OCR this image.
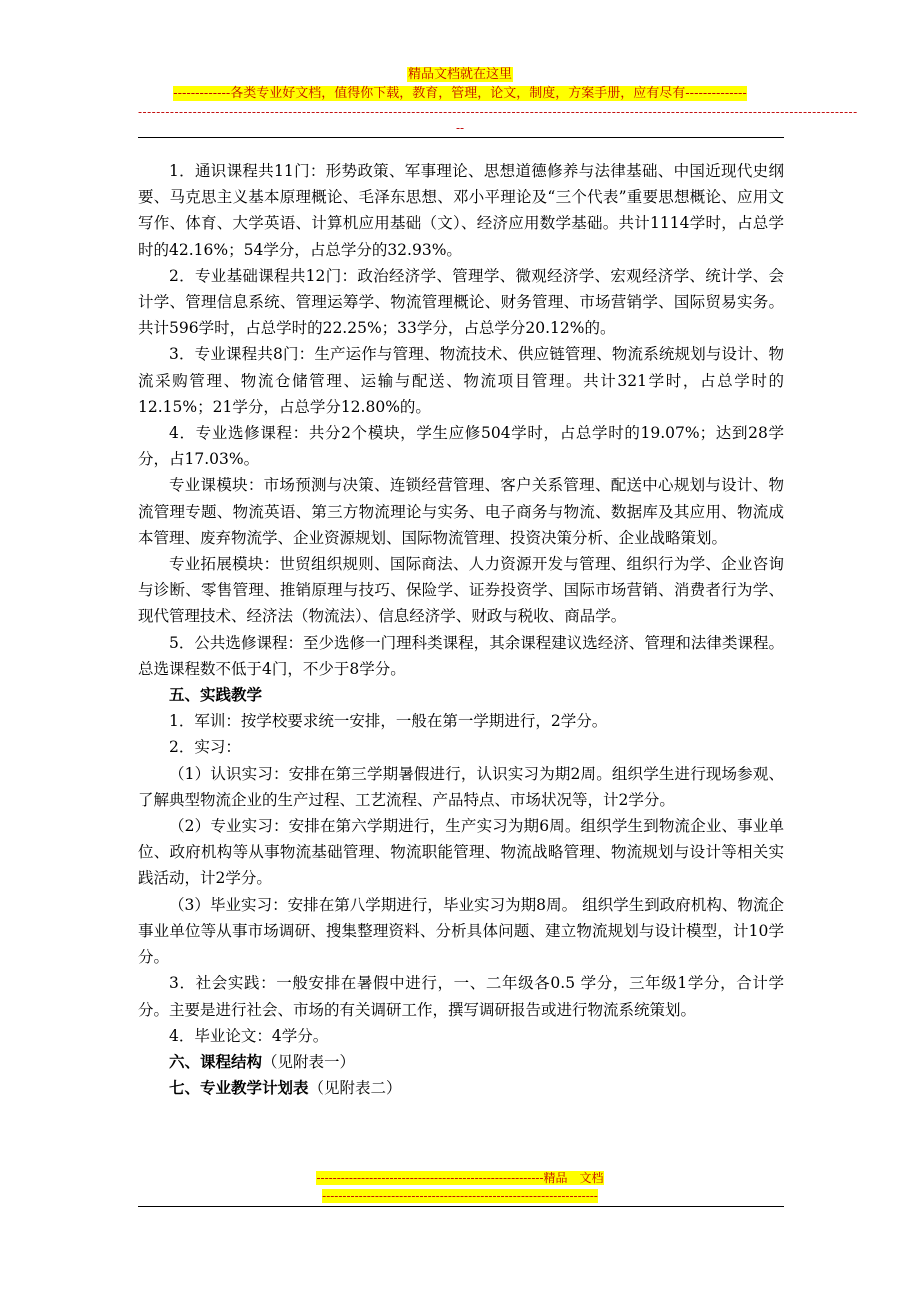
精品文档就在这里
-------------各类专业好文档，值得你下载，教育，管理，论文，制度，方案手册，应有尽有--------------
--------------------------------------------------------------------------------------------------------------------------------------------------------------
--

1．通识课程共11门：形势政策、军事理论、思想道德修养与法律基础、中国近现代史纲要、马克思主义基本原理概论、毛泽东思想、邓小平理论及“三个代表”重要思想概论、应用文写作、体育、大学英语、计算机应用基础（文）、经济应用数学基础。共计1114学时，占总学时的42.16%；54学分，占总学分的32.93%。

2．专业基础课程共12门：政治经济学、管理学、微观经济学、宏观经济学、统计学、会计学、管理信息系统、管理运筹学、物流管理概论、财务管理、市场营销学、国际贸易实务。共计596学时，占总学时的22.25%；33学分，占总学分20.12%的。

3．专业课程共8门：生产运作与管理、物流技术、供应链管理、物流系统规划与设计、物流采购管理、物流仓储管理、运输与配送、物流项目管理。共计321学时，占总学时的12.15%；21学分，占总学分12.80%的。

4．专业选修课程：共分2个模块，学生应修504学时，占总学时的19.07%；达到28学分，占17.03%。

专业课模块：市场预测与决策、连锁经营管理、客户关系管理、配送中心规划与设计、物流管理专题、物流英语、第三方物流理论与实务、电子商务与物流、数据库及其应用、物流成本管理、废弃物流学、企业资源规划、国际物流管理、投资决策分析、企业战略策划。

专业拓展模块：世贸组织规则、国际商法、人力资源开发与管理、组织行为学、企业咨询与诊断、零售管理、推销原理与技巧、保险学、证券投资学、国际市场营销、消费者行为学、现代管理技术、经济法（物流法）、信息经济学、财政与税收、商品学。

5．公共选修课程：至少选修一门理科类课程，其余课程建议选经济、管理和法律类课程。总选课程数不低于4门，不少于8学分。

五、实践教学

1．军训：按学校要求统一安排，一般在第一学期进行，2学分。

2．实习：

（1）认识实习：安排在第三学期暑假进行，认识实习为期2周。组织学生进行现场参观、了解典型物流企业的生产过程、工艺流程、产品特点、市场状况等，计2学分。

（2）专业实习：安排在第六学期进行，生产实习为期6周。组织学生到物流企业、事业单位、政府机构等从事物流基础管理、物流职能管理、物流战略管理、物流规划与设计等相关实践活动，计2学分。

（3）毕业实习：安排在第八学期进行，毕业实习为期8周。 组织学生到政府机构、物流企事业单位等从事市场调研、搜集整理资料、分析具体问题、建立物流规划与设计模型，计10学分。

3．社会实践：一般安排在暑假中进行，一、二年级各0.5 学分，三年级1学分，合计学分。主要是进行社会、市场的有关调研工作，撰写调研报告或进行物流系统策划。

4．毕业论文：4学分。

六、课程结构（见附表一）

七、专业教学计划表（见附表二）

--------------------------------------------------------精品　文档
--------------------------------------------------------------------
